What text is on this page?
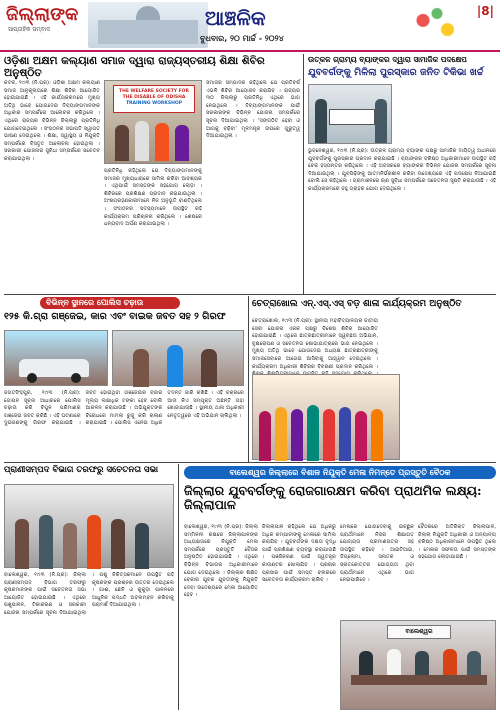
ଜିଲ୍ଲାଙ୍କ
ସାପ୍ତାହିକ ସମ୍ବାଦ	ଆଞ୍ଚଳିକ
ବୁଧବାର, ୨୦ ମାର୍ଚ୍ଚ - ୨୦୨୪
|8|
ଓଡ଼ିଶା ଅକ୍ଷମ କଲ୍ୟାଣ ସମାଜ ଦ୍ୱାରା ରାଜ୍ୟସ୍ତରୀୟ ଶିକ୍ଷା ଶିବିର ଅନୁଷ୍ଠିତ
କଟକ, ୧୯ା୩ (ନି.ପ୍ର): ଓଡ଼ିଶା ଅକ୍ଷମ କଲ୍ୟାଣ ସମାଜ ଆନୁକୂଲ୍ୟରେ ଶିକ୍ଷା ଶିବିର ଆୟୋଜିତ ହୋଇଯାଇଛି । ଏହି କାର୍ଯ୍ୟକ୍ରମରେ ମୁଖ୍ୟ ଅତିଥି ଭାବେ ଯୋଗଦେଇ ଦିବ୍ୟାଙ୍ଗମାନଙ୍କ ଅଧିକାର ସମ୍ପର୍କରେ ଆଲୋଚନା କରିଥିଲେ । ଏଥିରେ ରାଜ୍ୟର ବିଭିନ୍ନ ଜିଲ୍ଲାରୁ ପ୍ରତିନିଧି ଯୋଗଦେଇଥିଲେ । ସଂଗଠନର ସଭାପତି ସ୍ୱାଗତ ଭାଷଣ ଦେଇଥିଲେ । ଶିକ୍ଷା, ସ୍ୱାସ୍ଥ୍ୟ ଓ ନିଯୁକ୍ତି ସମ୍ପର୍କରେ ବିସ୍ତୃତ ଆଲୋଚନା ହୋଇଥିଲା । ସରକାରୀ ଯୋଜନାର ସୁବିଧା ସମ୍ପର୍କରେ ସଚେତନ କରାଯାଇଥିଲା ।
THE WELFARE SOCIETY FOR THE DISABLE OF ODISHA
TRAINING WORKSHOP
ପ୍ରତିନିଧି କହିଥିଲେ ଯେ ଦିବ୍ୟାଙ୍ଗମାନଙ୍କୁ ସମାଜର ମୁଖ୍ୟଧାରାରେ ସାମିଲ କରିବା ଆବଶ୍ୟକ । ଏଥିପାଇଁ ସମସ୍ତଙ୍କ ସହଯୋଗ ଲୋଡ଼ା । ଶିବିରରେ ପ୍ରଶିକ୍ଷଣ ପ୍ରଦାନ କରାଯାଇଥିଲା । ଅଂଶଗ୍ରହଣକାରୀମାନେ ନିଜ ଅନୁଭୂତି ବାଣ୍ଟିଥିଲେ । ସଂଗଠନର ସଦସ୍ୟମାନେ ଉପସ୍ଥିତ ରହି କାର୍ଯ୍ୟକ୍ରମ ପରିଚାଳନା କରିଥିଲେ । ଶେଷରେ ଧନ୍ୟବାଦ ଅର୍ପଣ କରାଯାଇଥିଲା ।
ସମାଜର ସମ୍ପାଦକ କହିଥିଲେ ଯେ ପ୍ରତିବର୍ଷ ଏଭଳି ଶିବିର ଆୟୋଜନ କରାଯିବ । ରାଜ୍ୟର ୩୦ ଜିଲ୍ଲାରୁ ପ୍ରତିନିଧି ଏଥିରେ ଭାଗ ନେଇଥିଲେ । ଦିବ୍ୟାଙ୍ଗମାନଙ୍କ ପାଇଁ ସରକାରଙ୍କ ବିଭିନ୍ନ ଯୋଜନା ସମ୍ପର୍କରେ ସୂଚନା ଦିଆଯାଇଥିଲା । 'ସଙ୍ଗଠିତ ହେବା ଓ ଆଗକୁ ବଢ଼ିବା' ମୂଳମନ୍ତ୍ର ଉପରେ ଗୁରୁତ୍ୱ ଦିଆଯାଇଥିଲା ।
ଉତ୍କଳ ଗ୍ରାମ୍ୟ ବ୍ୟାଙ୍କର ଦ୍ୱାରା ସାମାଜିକ ପଦକ୍ଷେପ
ଯୁବବର୍ଗଙ୍କୁ ମିଳିଲା ପୁରସ୍କାର ଜନିତ ଟିକିଭା ଖର୍ଚ୍ଚ
ଭୁବନେଶ୍ୱର, ୧୯ା୩ (ନି.ପ୍ର): ଉତ୍କଳ ଗ୍ରାମ୍ୟ ବ୍ୟାଙ୍କ ପକ୍ଷରୁ ସାମାଜିକ ଦାୟିତ୍ୱ ଅଧୀନରେ ଯୁବବର୍ଗଙ୍କୁ ପୁରସ୍କାର ପ୍ରଦାନ କରାଯାଇଛି । ବ୍ୟାଙ୍କର ବରିଷ୍ଠ ଅଧିକାରୀମାନେ ଉପସ୍ଥିତ ରହି ଚେକ୍ ହସ୍ତାନ୍ତର କରିଥିଲେ । ଏହି ଅବସରରେ ବ୍ୟାଙ୍କର ବିଭିନ୍ନ ଯୋଜନା ସମ୍ପର୍କରେ ସୂଚନା ଦିଆଯାଇଥିଲା । ଯୁବପିଢ଼ିଙ୍କୁ ଆତ୍ମନିର୍ଭରଶୀଳ କରିବା ଉଦ୍ଦେଶ୍ୟରେ ଏହି ପଦକ୍ଷେପ ନିଆଯାଇଛି ବୋଲି ସେ କହିଥିଲେ । ଗ୍ରାମାଞ୍ଚଳରେ ଋଣ ସୁବିଧା ସମ୍ପର୍କରେ ସଚେତନତା ସୃଷ୍ଟି କରାଯାଉଛି । ଏହି କାର୍ଯ୍ୟକ୍ରମରେ ବହୁ ଗ୍ରାହକ ଯୋଗ ଦେଇଥିଲେ ।
ବିଭିନ୍ନ ସ୍ଥାନରେ ପୋଲିସ ଚଢ଼ାଉ
୧୨୫ କି.ଗ୍ରା ଗଞ୍ଜେଇ, କାର ଏବଂ ବାଇକ ଜବତ ସହ ୨ ଗିରଫ
ଜଗତସିଂହପୁର, ୧୯ା୩ (ନି.ପ୍ର): ଗୋପନ ସୂଚନା ଆଧାରରେ ପୋଲିସ ଚଢ଼ାଉ କରି ବିପୁଳ ପରିମାଣର ଗଞ୍ଜେଇ ଜବତ କରିଛି । ଏହି ଘଟଣାରେ ଦୁଇଜଣଙ୍କୁ ଗିରଫ କରାଯାଇଛି । ଜବତ ହୋଇଥିବା ଗଞ୍ଜେଇର ବଜାର ମୂଲ୍ୟ ଲକ୍ଷାଧିକ ଟଙ୍କା ହେବ ବୋଲି ଆକଳନ କରାଯାଉଛି । ଅଭିଯୁକ୍ତଙ୍କ ବିରୋଧରେ ମାମଲା ରୁଜୁ କରି ଚାଲାଣ କରାଯାଇଛି । ପୋଲିସ ଏନେଇ ଅଧିକ ତଦନ୍ତ ଜାରି ରଖିଛି । ଏହି ଚକ୍ରରେ ଆଉ କିଏ ସମ୍ପୃକ୍ତ ଅଛନ୍ତି ତାହା ଖୋଜାଯାଉଛି । ସ୍ଥାନୀୟ ଥାନା ଅଧିକାରୀ ନେତୃତ୍ୱରେ ଏହି ଅଭିଯାନ ଚାଲିଥିଲା ।
ଚେତ୍ରାଖୋଲ ଏନ୍.ଏସ୍.ଏସ୍ ବଡ଼ ଶାଳା କାର୍ଯ୍ୟକ୍ରମ ଅନୁଷ୍ଠିତ
ଚେତ୍ରାଖୋଲ, ୧୯ା୩ (ନି.ପ୍ର): ସ୍ଥାନୀୟ ମହାବିଦ୍ୟାଳୟର ଜାତୀୟ ସେବା ଯୋଜନା ଏକକ ପକ୍ଷରୁ ବିଶେଷ ଶିବିର ଆୟୋଜିତ ହୋଇଯାଇଛି । ଏଥିରେ ଛାତ୍ରଛାତ୍ରୀମାନେ ସ୍ୱଚ୍ଛତା ଅଭିଯାନ, ବୃକ୍ଷରୋପଣ ଓ ସଚେତନତା ଶୋଭାଯାତ୍ରାରେ ଭାଗ ନେଇଥିଲେ । ମୁଖ୍ୟ ଅତିଥି ଭାବେ ଯୋଗଦେଇ ଅଧ୍ୟକ୍ଷ ଛାତ୍ରଛାତ୍ରୀଙ୍କୁ ସମାଜସେବାରେ ଆଗେଇ ଆସିବାକୁ ଆହ୍ୱାନ ଦେଇଥିଲେ । କାର୍ଯ୍ୟକ୍ରମ ଅଧିକାରୀ ଶିବିରର ବିବରଣୀ ପ୍ରଦାନ କରିଥିଲେ ।
ପ୍ରାଣୀସମ୍ପଦ ବିଭାଗ ତରଫରୁ ସଚେତନତା ସଭା
ବାଲେଶ୍ୱର, ୧୯ା୩ (ନି.ପ୍ର): ଜିଲ୍ଲା ପ୍ରାଣୀସମ୍ପଦ ବିଭାଗ ତରଫରୁ କୃଷକମାନଙ୍କ ପାଇଁ ସଚେତନତା ସଭା ଆୟୋଜିତ ହୋଇଯାଇଛି । ଏଥିରେ ପଶୁପାଳନ, ଟିକାକରଣ ଓ ସରକାରୀ ଯୋଜନା ସମ୍ପର୍କରେ ସୂଚନା ଦିଆଯାଇଥିଲା । ପଶୁ ଚିକିତ୍ସକମାନେ ଉପସ୍ଥିତ ରହି କୃଷକଙ୍କ ପ୍ରଶ୍ନର ଉତ୍ତର ଦେଇଥିଲେ । ଗାଈ, ଛେଳି ଓ କୁକୁଡ଼ା ପାଳନରେ ଆଧୁନିକ ପଦ୍ଧତି ଅବଲମ୍ବନ କରିବାକୁ ପରାମର୍ଶ ଦିଆଯାଇଥିଲା ।
ବାଲେଶ୍ୱର ଜିଲ୍ଲାରେ ବିଶାଳ ନିଯୁକ୍ତି ମେଳା ନିମନ୍ତେ ପ୍ରସ୍ତୁତି ବୈଠକ
ଜିଲ୍ଲାର ଯୁବବର୍ଗଙ୍କୁ ରୋଜଗାରକ୍ଷମ କରିବା ପ୍ରାଥମିକ ଲକ୍ଷ୍ୟ: ଜିଲ୍ଲାପାଳ
ବାଲେଶ୍ୱର, ୧୯ା୩ (ନି.ପ୍ର): ଜିଲ୍ଲା ସମ୍ମିଳନୀ କକ୍ଷରେ ଜିଲ୍ଲାପାଳଙ୍କ ଅଧ୍ୟକ୍ଷତାରେ ନିଯୁକ୍ତି ମେଳା ସମ୍ପର୍କରେ ପ୍ରସ୍ତୁତି ବୈଠକ ଅନୁଷ୍ଠିତ ହୋଇଯାଇଛି । ଏଥିରେ ବିଭିନ୍ନ ବିଭାଗର ଅଧିକାରୀମାନେ ଯୋଗ ଦେଇଥିଲେ । ଜିଲ୍ଲାର ଶିକ୍ଷିତ ବେକାର ଯୁବକ ଯୁବତୀଙ୍କୁ ନିଯୁକ୍ତି ଦେବା ଉଦ୍ଦେଶ୍ୟରେ ମେଳା ଆୟୋଜିତ ହେବ ।
ଜିଲ୍ଲାପାଳ କହିଥିଲେ ଯେ ଅଧିକରୁ ଅଧିକ କମ୍ପାନୀଙ୍କୁ ମେଳାରେ ସାମିଲ କରାଯିବ । ଯୁବବର୍ଗଙ୍କ ଦକ୍ଷତା ବୃଦ୍ଧି ପାଇଁ ପ୍ରଶିକ୍ଷଣ ବ୍ୟବସ୍ଥା କରାଯାଉଛି । ପଞ୍ଜିକରଣ ପାଇଁ ସ୍ୱତନ୍ତ୍ର କାଉଣ୍ଟର ଖୋଲାଯିବ । ପ୍ରଚାର ପ୍ରସାର ପାଇଁ ସମସ୍ତ ବ୍ଲକରେ ସଚେତନତା କାର୍ଯ୍ୟକ୍ରମ ଚାଲିବ ।
ମେଳାରେ ଯୋଗଦେବାକୁ ଇଚ୍ଛୁକ ପ୍ରାର୍ଥୀମାନେ ନିଜର ଶିକ୍ଷାଗତ ଯୋଗ୍ୟତା ପ୍ରମାଣପତ୍ର ସହ ଉପସ୍ଥିତ ରହିବେ । ଆଇଟିଆଇ, ଡିପ୍ଲୋମା, ସ୍ନାତକ ଓ ସ୍ନାତକୋତ୍ତର ଯୋଗ୍ୟତା ଥିବା ପ୍ରାର୍ଥୀମାନେ ଏଥିରେ ଭାଗ ନେଇପାରିବେ ।
ବୈଠକରେ ଅତିରିକ୍ତ ଜିଲ୍ଲାପାଳ, ଜିଲ୍ଲା ନିଯୁକ୍ତି ଅଧିକାରୀ ଓ ଅନ୍ୟାନ୍ୟ ବରିଷ୍ଠ ଅଧିକାରୀମାନେ ଉପସ୍ଥିତ ଥିଲେ । ମେଳାର ସଫଳତା ପାଇଁ ସମସ୍ତଙ୍କ ସହଯୋଗ ଲୋଡ଼ାଯାଇଛି ।
ବାଲେଶ୍ୱର
